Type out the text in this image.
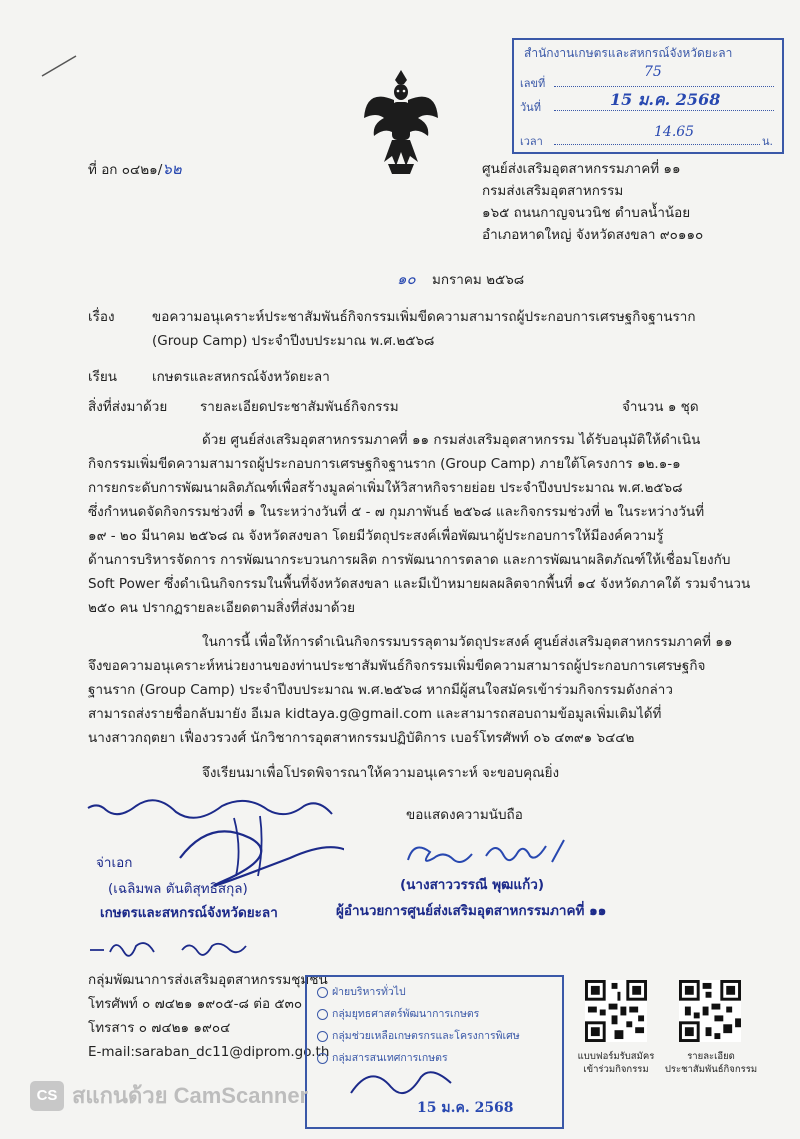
สำนักงานเกษตรและสหกรณ์จังหวัดยะลา
เลขที่
75
วันที่	15 ม.ค. 2568
เวลา
14.65
น.
ที่ อก ๐๔๒๑/๖๒	ศูนย์ส่งเสริมอุตสาหกรรมภาคที่ ๑๑
กรมส่งเสริมอุตสาหกรรม
๑๖๕ ถนนกาญจนวนิช ตำบลน้ำน้อย
อำเภอหาดใหญ่ จังหวัดสงขลา ๙๐๑๑๐
๑๐ มกราคม ๒๕๖๘
เรื่อง	ขอความอนุเคราะห์ประชาสัมพันธ์กิจกรรมเพิ่มขีดความสามารถผู้ประกอบการเศรษฐกิจฐานราก
(Group Camp) ประจำปีงบประมาณ พ.ศ.๒๕๖๘
เรียน	เกษตรและสหกรณ์จังหวัดยะลา
สิ่งที่ส่งมาด้วย รายละเอียดประชาสัมพันธ์กิจกรรม	จำนวน ๑ ชุด
ด้วย ศูนย์ส่งเสริมอุตสาหกรรมภาคที่ ๑๑ กรมส่งเสริมอุตสาหกรรม ได้รับอนุมัติให้ดำเนิน
กิจกรรมเพิ่มขีดความสามารถผู้ประกอบการเศรษฐกิจฐานราก (Group Camp) ภายใต้โครงการ ๑๒.๑-๑
การยกระดับการพัฒนาผลิตภัณฑ์เพื่อสร้างมูลค่าเพิ่มให้วิสาหกิจรายย่อย ประจำปีงบประมาณ พ.ศ.๒๕๖๘
ซึ่งกำหนดจัดกิจกรรมช่วงที่ ๑ ในระหว่างวันที่ ๕ - ๗ กุมภาพันธ์ ๒๕๖๘ และกิจกรรมช่วงที่ ๒ ในระหว่างวันที่
๑๙ - ๒๐ มีนาคม ๒๕๖๘ ณ จังหวัดสงขลา โดยมีวัตถุประสงค์เพื่อพัฒนาผู้ประกอบการให้มีองค์ความรู้
ด้านการบริหารจัดการ การพัฒนากระบวนการผลิต การพัฒนาการตลาด และการพัฒนาผลิตภัณฑ์ให้เชื่อมโยงกับ
Soft Power ซึ่งดำเนินกิจกรรมในพื้นที่จังหวัดสงขลา และมีเป้าหมายผลผลิตจากพื้นที่ ๑๔ จังหวัดภาคใต้ รวมจำนวน
๒๕๐ คน ปรากฏรายละเอียดตามสิ่งที่ส่งมาด้วย
ในการนี้ เพื่อให้การดำเนินกิจกรรมบรรลุตามวัตถุประสงค์ ศูนย์ส่งเสริมอุตสาหกรรมภาคที่ ๑๑
จึงขอความอนุเคราะห์หน่วยงานของท่านประชาสัมพันธ์กิจกรรมเพิ่มขีดความสามารถผู้ประกอบการเศรษฐกิจ
ฐานราก (Group Camp) ประจำปีงบประมาณ พ.ศ.๒๕๖๘ หากมีผู้สนใจสมัครเข้าร่วมกิจกรรมดังกล่าว
สามารถส่งรายชื่อกลับมายัง อีเมล kidtaya.g@gmail.com และสามารถสอบถามข้อมูลเพิ่มเติมได้ที่
นางสาวกฤตยา เฟื่องวรวงศ์ นักวิชาการอุตสาหกรรมปฏิบัติการ เบอร์โทรศัพท์ ๐๖ ๔๓๙๑ ๖๔๔๒
จึงเรียนมาเพื่อโปรดพิจารณาให้ความอนุเคราะห์ จะขอบคุณยิ่ง
จ่าเอก
(เฉลิมพล ตันติสุทธิสกุล)
เกษตรและสหกรณ์จังหวัดยะลา
ขอแสดงความนับถือ
(นางสาววรรณี พุฒแก้ว)
ผู้อำนวยการศูนย์ส่งเสริมอุตสาหกรรมภาคที่ ๑๑
กลุ่มพัฒนาการส่งเสริมอุตสาหกรรมชุมชน
โทรศัพท์ ๐ ๗๔๒๑ ๑๙๐๕-๘ ต่อ ๕๓๐
โทรสาร ๐ ๗๔๒๑ ๑๙๐๔
E-mail:saraban_dc11@diprom.go.th
ฝ่ายบริหารทั่วไป
กลุ่มยุทธศาสตร์พัฒนาการเกษตร
กลุ่มช่วยเหลือเกษตรกรและโครงการพิเศษ
กลุ่มสารสนเทศการเกษตร
15 ม.ค. 2568
แบบฟอร์มรับสมัคร
เข้าร่วมกิจกรรม
รายละเอียด
ประชาสัมพันธ์กิจกรรม
CS สแกนด้วย CamScanner
